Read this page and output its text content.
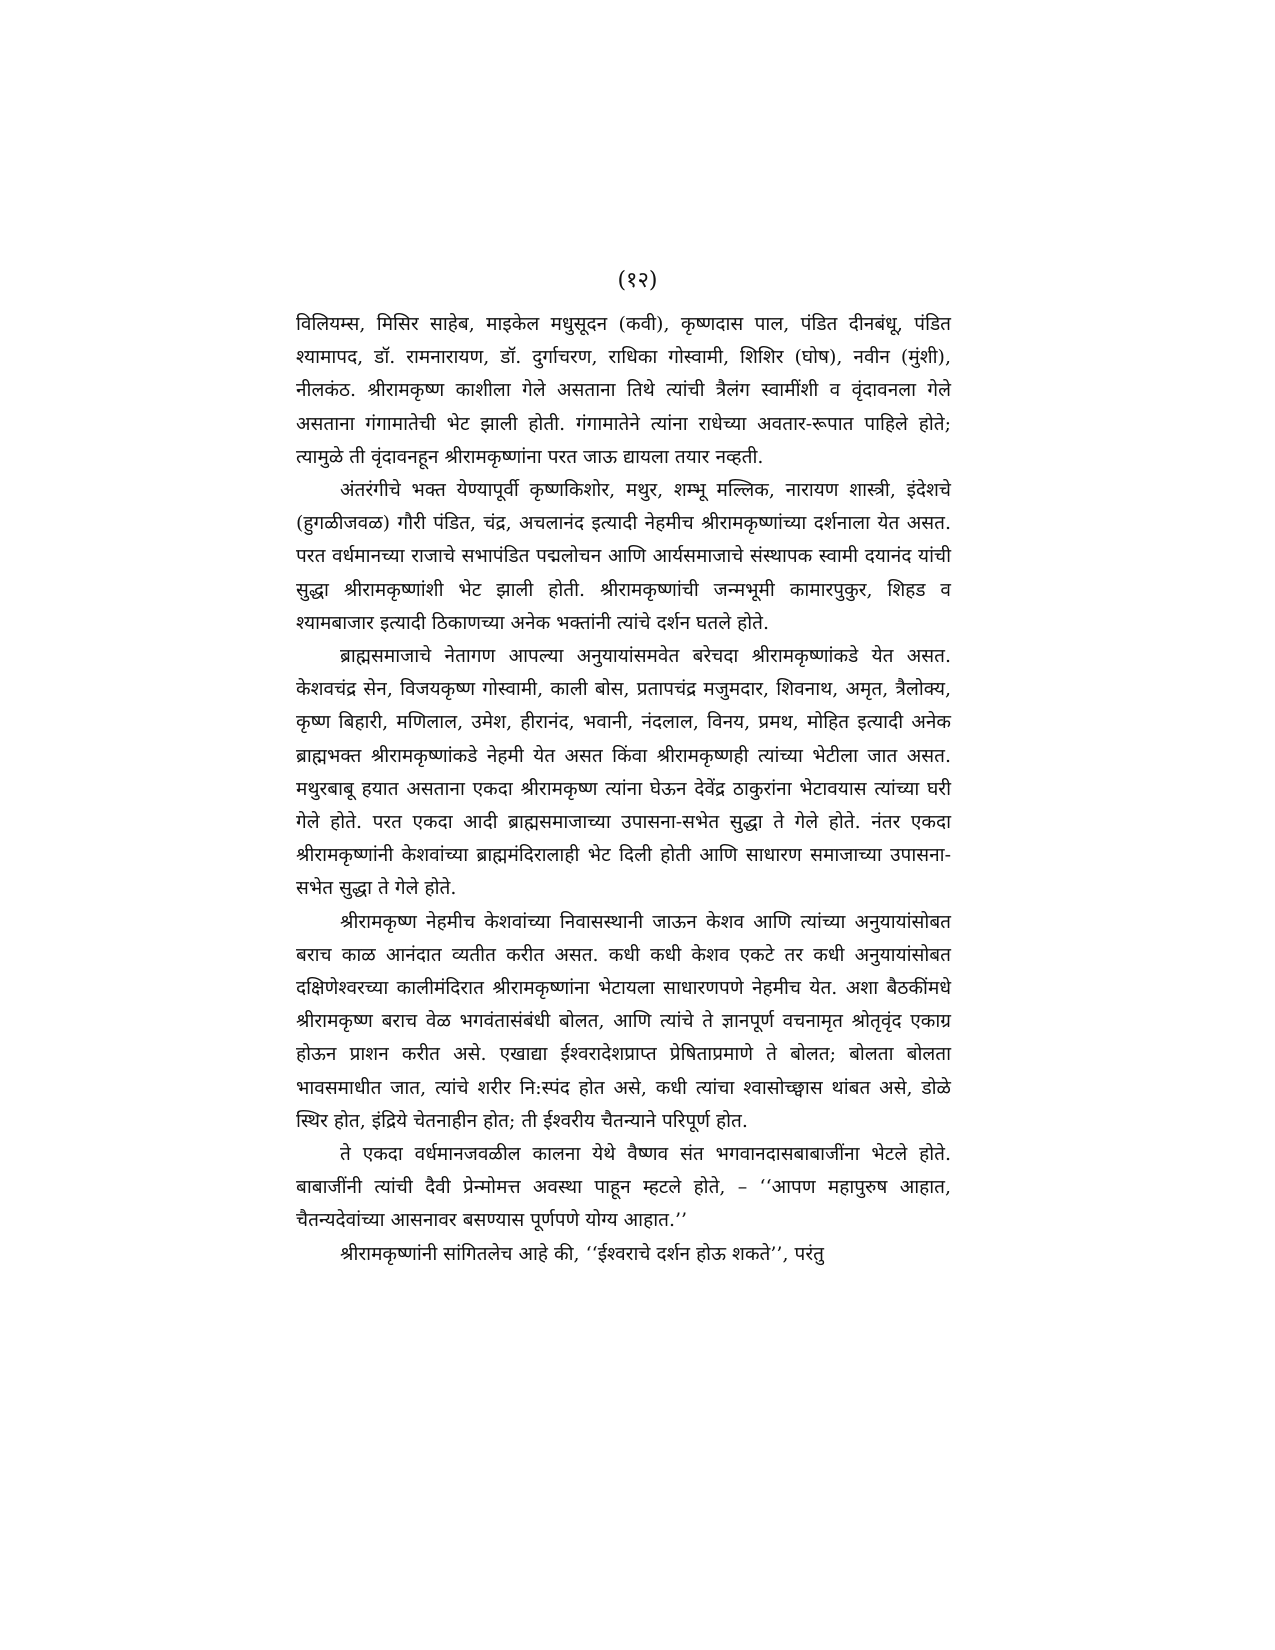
(१२)

विलियम्स, मिसिर साहेब, माइकेल मधुसूदन (कवी), कृष्णदास पाल, पंडित दीनबंधू, पंडित श्यामापद, डॉ. रामनारायण, डॉ. दुर्गाचरण, राधिका गोस्वामी, शिशिर (घोष), नवीन (मुंशी), नीलकंठ. श्रीरामकृष्ण काशीला गेले असताना तिथे त्यांची त्रैलंग स्वामींशी व वृंदावनला गेले असताना गंगामातेची भेट झाली होती. गंगामातेने त्यांना राधेच्या अवतार-रूपात पाहिले होते; त्यामुळे ती वृंदावनहून श्रीरामकृष्णांना परत जाऊ द्यायला तयार नव्हती.

अंतरंगीचे भक्त येण्यापूर्वी कृष्णकिशोर, मथुर, शम्भू मल्लिक, नारायण शास्त्री, इंदेशचे (हुगळीजवळ) गौरी पंडित, चंद्र, अचलानंद इत्यादी नेहमीच श्रीरामकृष्णांच्या दर्शनाला येत असत. परत वर्धमानच्या राजाचे सभापंडित पद्मलोचन आणि आर्यसमाजाचे संस्थापक स्वामी दयानंद यांची सुद्धा श्रीरामकृष्णांशी भेट झाली होती. श्रीरामकृष्णांची जन्मभूमी कामारपुकुर, शिहड व श्यामबाजार इत्यादी ठिकाणच्या अनेक भक्तांनी त्यांचे दर्शन घतले होते.

ब्राह्मसमाजाचे नेतागण आपल्या अनुयायांसमवेत बरेचदा श्रीरामकृष्णांकडे येत असत. केशवचंद्र सेन, विजयकृष्ण गोस्वामी, काली बोस, प्रतापचंद्र मजुमदार, शिवनाथ, अमृत, त्रैलोक्य, कृष्ण बिहारी, मणिलाल, उमेश, हीरानंद, भवानी, नंदलाल, विनय, प्रमथ, मोहित इत्यादी अनेक ब्राह्मभक्त श्रीरामकृष्णांकडे नेहमी येत असत किंवा श्रीरामकृष्णही त्यांच्या भेटीला जात असत. मथुरबाबू हयात असताना एकदा श्रीरामकृष्ण त्यांना घेऊन देवेंद्र ठाकुरांना भेटावयास त्यांच्या घरी गेले होते. परत एकदा आदी ब्राह्मसमाजाच्या उपासना-सभेत सुद्धा ते गेले होते. नंतर एकदा श्रीरामकृष्णांनी केशवांच्या ब्राह्ममंदिरालाही भेट दिली होती आणि साधारण समाजाच्या उपासना-सभेत सुद्धा ते गेले होते.

श्रीरामकृष्ण नेहमीच केशवांच्या निवासस्थानी जाऊन केशव आणि त्यांच्या अनुयायांसोबत बराच काळ आनंदात व्यतीत करीत असत. कधी कधी केशव एकटे तर कधी अनुयायांसोबत दक्षिणेश्वरच्या कालीमंदिरात श्रीरामकृष्णांना भेटायला साधारणपणे नेहमीच येत. अशा बैठकींमधे श्रीरामकृष्ण बराच वेळ भगवंतासंबंधी बोलत, आणि त्यांचे ते ज्ञानपूर्ण वचनामृत श्रोतृवृंद एकाग्र होऊन प्राशन करीत असे. एखाद्या ईश्वरादेशप्राप्त प्रेषिताप्रमाणे ते बोलत; बोलता बोलता भावसमाधीत जात, त्यांचे शरीर नि:स्पंद होत असे, कधी त्यांचा श्वासोच्छ्वास थांबत असे, डोळे स्थिर होत, इंद्रिये चेतनाहीन होत; ती ईश्वरीय चैतन्याने परिपूर्ण होत.

ते एकदा वर्धमानजवळील कालना येथे वैष्णव संत भगवानदासबाबाजींना भेटले होते. बाबाजींनी त्यांची दैवी प्रेन्मोमत्त अवस्था पाहून म्हटले होते, – ‘‘आपण महापुरुष आहात, चैतन्यदेवांच्या आसनावर बसण्यास पूर्णपणे योग्य आहात.’’

श्रीरामकृष्णांनी सांगितलेच आहे की, ‘‘ईश्वराचे दर्शन होऊ शकते’’, परंतु
